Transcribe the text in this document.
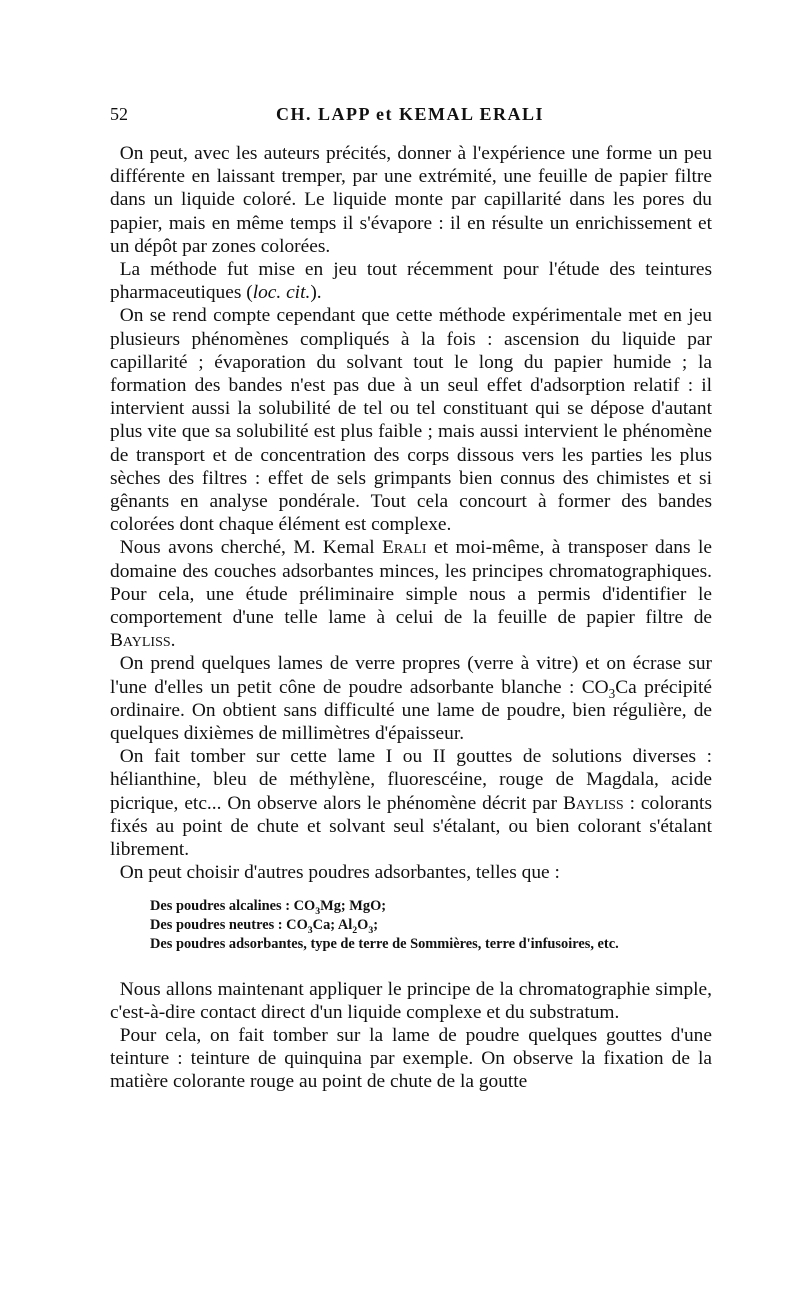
52	CH. LAPP et KEMAL ERALI

On peut, avec les auteurs précités, donner à l'expérience une forme un peu différente en laissant tremper, par une extrémité, une feuille de papier filtre dans un liquide coloré. Le liquide monte par capillarité dans les pores du papier, mais en même temps il s'évapore : il en résulte un enrichissement et un dépôt par zones colorées.

La méthode fut mise en jeu tout récemment pour l'étude des teintures pharmaceutiques (loc. cit.).

On se rend compte cependant que cette méthode expérimentale met en jeu plusieurs phénomènes compliqués à la fois : ascension du liquide par capillarité ; évaporation du solvant tout le long du papier humide ; la formation des bandes n'est pas due à un seul effet d'adsorption relatif : il intervient aussi la solubilité de tel ou tel constituant qui se dépose d'autant plus vite que sa solubilité est plus faible ; mais aussi intervient le phénomène de transport et de concentration des corps dissous vers les parties les plus sèches des filtres : effet de sels grimpants bien connus des chimistes et si gênants en analyse pondérale. Tout cela concourt à former des bandes colorées dont chaque élément est complexe.

Nous avons cherché, M. Kemal Erali et moi-même, à transposer dans le domaine des couches adsorbantes minces, les principes chromatographiques. Pour cela, une étude préliminaire simple nous a permis d'identifier le comportement d'une telle lame à celui de la feuille de papier filtre de Bayliss.

On prend quelques lames de verre propres (verre à vitre) et on écrase sur l'une d'elles un petit cône de poudre adsorbante blanche : $CO_3Ca$ précipité ordinaire. On obtient sans difficulté une lame de poudre, bien régulière, de quelques dixièmes de millimètres d'épaisseur.

On fait tomber sur cette lame I ou II gouttes de solutions diverses : hélianthine, bleu de méthylène, fluorescéine, rouge de Magdala, acide picrique, etc... On observe alors le phénomène décrit par Bayliss : colorants fixés au point de chute et solvant seul s'étalant, ou bien colorant s'étalant librement.

On peut choisir d'autres poudres adsorbantes, telles que :

Des poudres alcalines : $CO_3Mg$; MgO;

Des poudres neutres : $CO_3Ca$; $Al_2O_3$;

Des poudres adsorbantes, type de terre de Sommières, terre d'infusoires, etc.

Nous allons maintenant appliquer le principe de la chromatographie simple, c'est-à-dire contact direct d'un liquide complexe et du substratum.

Pour cela, on fait tomber sur la lame de poudre quelques gouttes d'une teinture : teinture de quinquina par exemple. On observe la fixation de la matière colorante rouge au point de chute de la goutte
